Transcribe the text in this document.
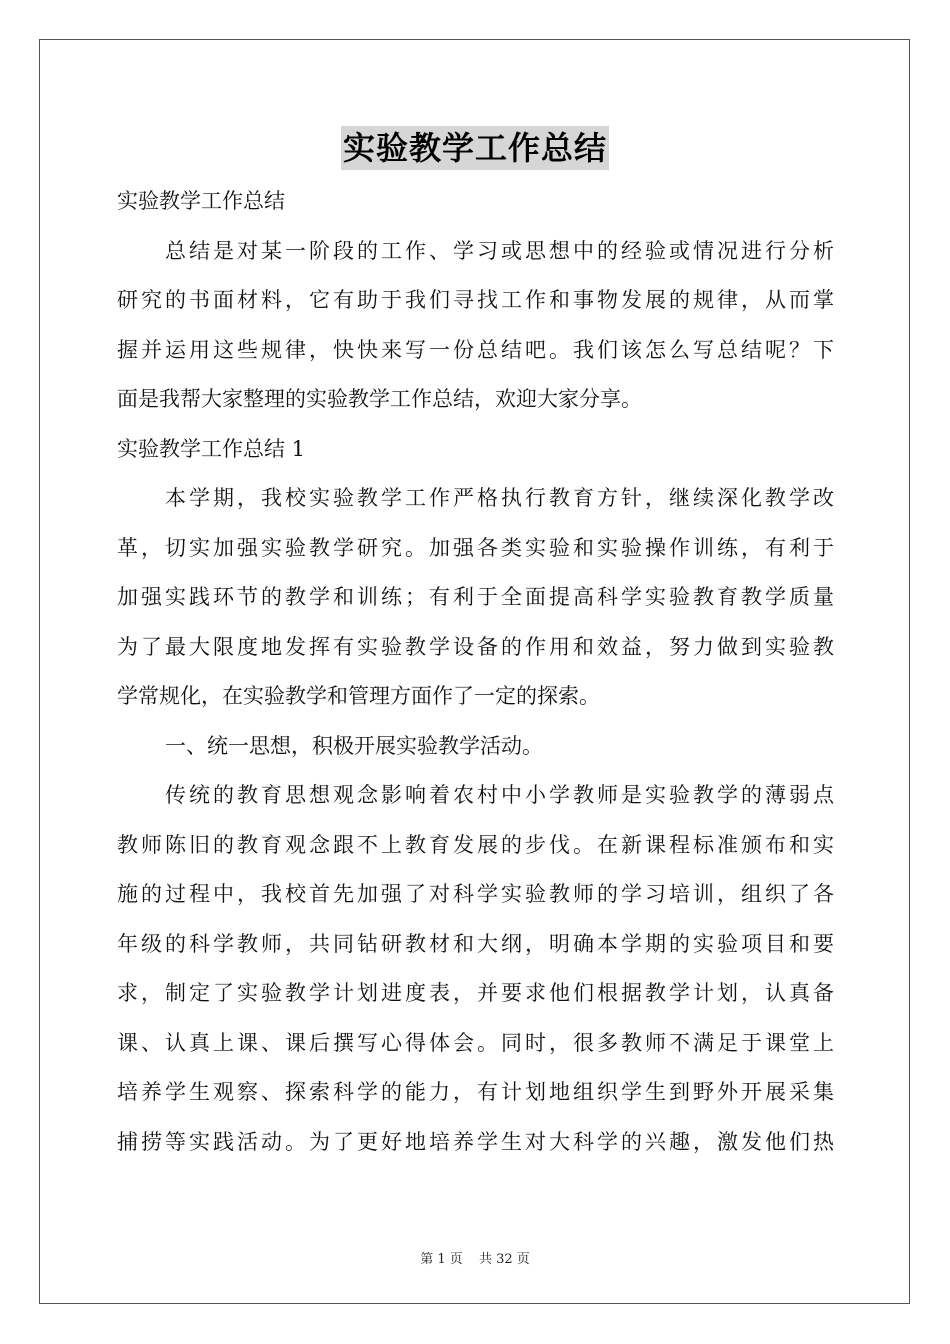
实验教学工作总结
实验教学工作总结
总结是对某一阶段的工作、学习或思想中的经验或情况进行分析
研究的书面材料，它有助于我们寻找工作和事物发展的规律，从而掌
握并运用这些规律，快快来写一份总结吧。我们该怎么写总结呢？下
面是我帮大家整理的实验教学工作总结，欢迎大家分享。
实验教学工作总结 1
本学期，我校实验教学工作严格执行教育方针，继续深化教学改
革，切实加强实验教学研究。加强各类实验和实验操作训练，有利于
加强实践环节的教学和训练；有利于全面提高科学实验教育教学质量
为了最大限度地发挥有实验教学设备的作用和效益，努力做到实验教
学常规化，在实验教学和管理方面作了一定的探索。
一、统一思想，积极开展实验教学活动。
传统的教育思想观念影响着农村中小学教师是实验教学的薄弱点
教师陈旧的教育观念跟不上教育发展的步伐。在新课程标准颁布和实
施的过程中，我校首先加强了对科学实验教师的学习培训，组织了各
年级的科学教师，共同钻研教材和大纲，明确本学期的实验项目和要
求，制定了实验教学计划进度表，并要求他们根据教学计划，认真备
课、认真上课、课后撰写心得体会。同时，很多教师不满足于课堂上
培养学生观察、探索科学的能力，有计划地组织学生到野外开展采集
捕捞等实践活动。为了更好地培养学生对大科学的兴趣，激发他们热
第 1 页 共 32 页
